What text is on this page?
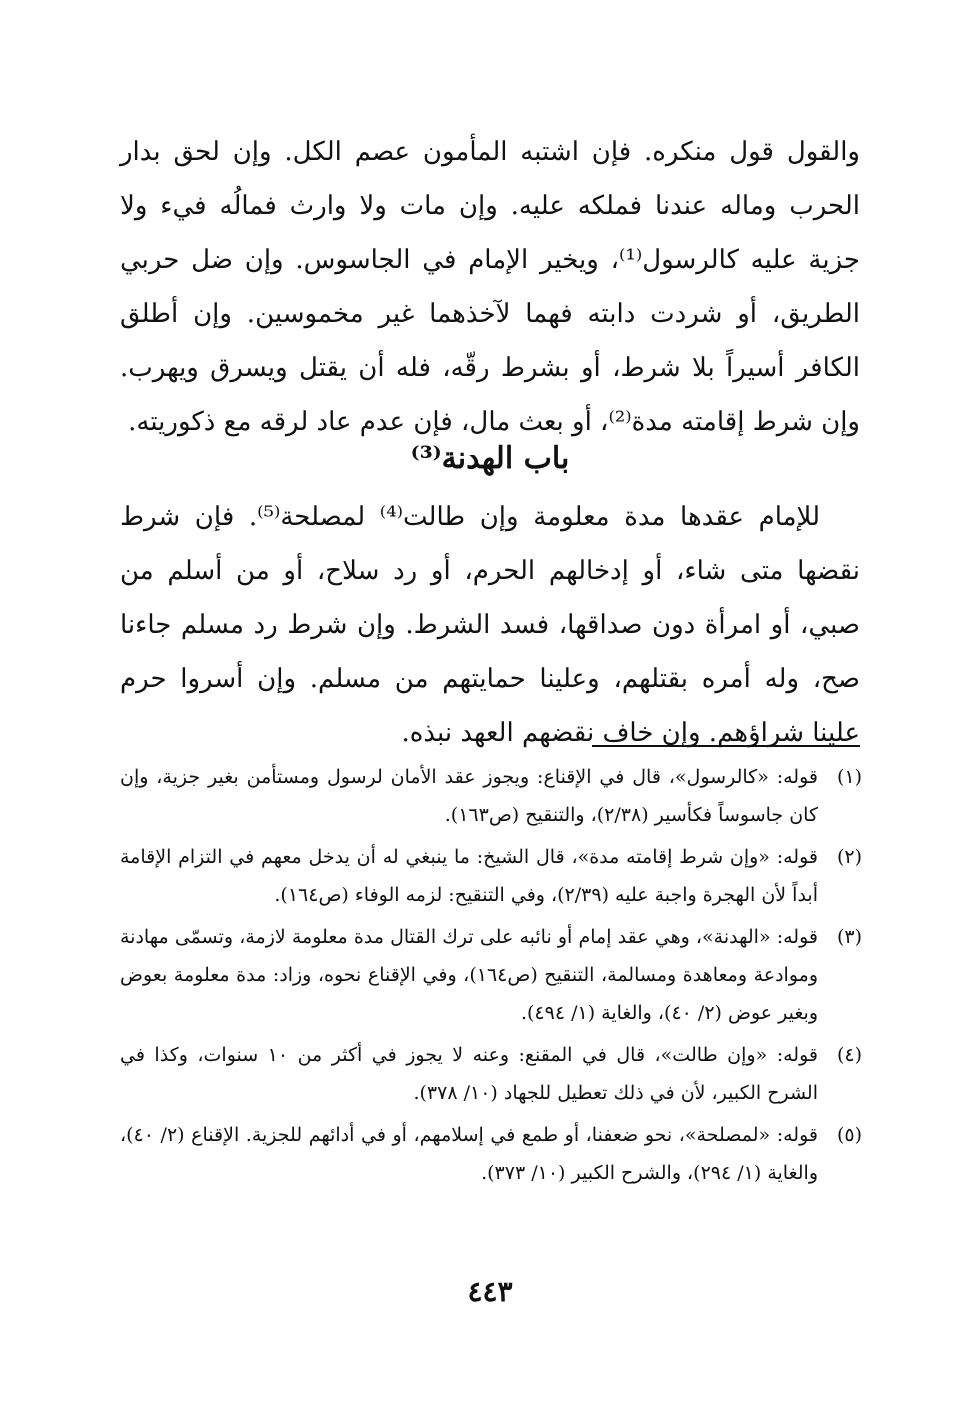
والقول قول منكره. فإن اشتبه المأمون عصم الكل. وإن لحق بدار الحرب وماله عندنا فملكه عليه. وإن مات ولا وارث فمالُه فيء ولا جزية عليه كالرسول⁽¹⁾، ويخير الإمام في الجاسوس. وإن ضل حربي الطريق، أو شردت دابته فهما لآخذهما غير مخموسين. وإن أطلق الكافر أسيراً بلا شرط، أو بشرط رقّه، فله أن يقتل ويسرق ويهرب. وإن شرط إقامته مدة⁽²⁾، أو بعث مال، فإن عدم عاد لرقه مع ذكوريته.

باب الهدنة⁽³⁾
للإمام عقدها مدة معلومة وإن طالت⁽⁴⁾ لمصلحة⁽⁵⁾. فإن شرط نقضها متى شاء، أو إدخالهم الحرم، أو رد سلاح، أو من أسلم من صبي، أو امرأة دون صداقها، فسد الشرط. وإن شرط رد مسلم جاءنا صح، وله أمره بقتلهم، وعلينا حمايتهم من مسلم. وإن أسروا حرم علينا شراؤهم. وإن خاف نقضهم العهد نبذه.
(١)
قوله: «كالرسول»، قال في الإقناع: ويجوز عقد الأمان لرسول ومستأمن بغير جزية، وإن كان جاسوساً فكأسير (٢/٣٨)، والتنقيح (ص١٦٣).
(٢)
قوله: «وإن شرط إقامته مدة»، قال الشيخ: ما ينبغي له أن يدخل معهم في التزام الإقامة أبداً لأن الهجرة واجبة عليه (٢/٣٩)، وفي التنقيح: لزمه الوفاء (ص١٦٤).
(٣)
قوله: «الهدنة»، وهي عقد إمام أو نائبه على ترك القتال مدة معلومة لازمة، وتسمّى مهادنة وموادعة ومعاهدة ومسالمة، التنقيح (ص١٦٤)، وفي الإقناع نحوه، وزاد: مدة معلومة بعوض وبغير عوض (٢/ ٤٠)، والغاية (١/ ٤٩٤).
(٤)
قوله: «وإن طالت»، قال في المقنع: وعنه لا يجوز في أكثر من ١٠ سنوات، وكذا في الشرح الكبير، لأن في ذلك تعطيل للجهاد (١٠/ ٣٧٨).
(٥)
قوله: «لمصلحة»، نحو ضعفنا، أو طمع في إسلامهم، أو في أدائهم للجزية. الإقناع (٢/ ٤٠)، والغاية (١/ ٢٩٤)، والشرح الكبير (١٠/ ٣٧٣).
٤٤٣
